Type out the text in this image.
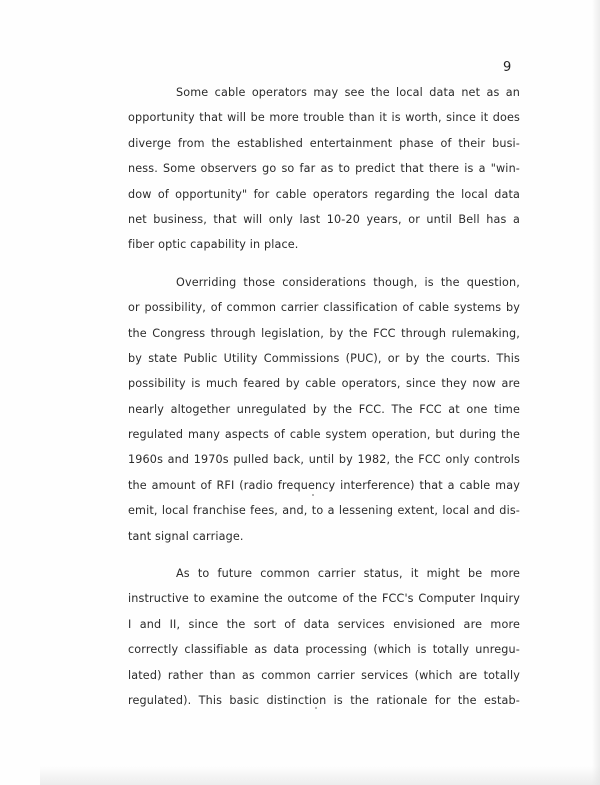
9
Some cable operators may see the local data net as an
opportunity that will be more trouble than it is worth, since it does
diverge from the established entertainment phase of their busi-
ness. Some observers go so far as to predict that there is a "win-
dow of opportunity" for cable operators regarding the local data
net business, that will only last 10-20 years, or until Bell has a
fiber optic capability in place.
Overriding those considerations though, is the question,
or possibility, of common carrier classification of cable systems by
the Congress through legislation, by the FCC through rulemaking,
by state Public Utility Commissions (PUC), or by the courts. This
possibility is much feared by cable operators, since they now are
nearly altogether unregulated by the FCC. The FCC at one time
regulated many aspects of cable system operation, but during the
1960s and 1970s pulled back, until by 1982, the FCC only controls
the amount of RFI (radio frequency interference) that a cable may
emit, local franchise fees, and, to a lessening extent, local and dis-
tant signal carriage.
As to future common carrier status, it might be more
instructive to examine the outcome of the FCC's Computer Inquiry
I and II, since the sort of data services envisioned are more
correctly classifiable as data processing (which is totally unregu-
lated) rather than as common carrier services (which are totally
regulated). This basic distinction is the rationale for the estab-
